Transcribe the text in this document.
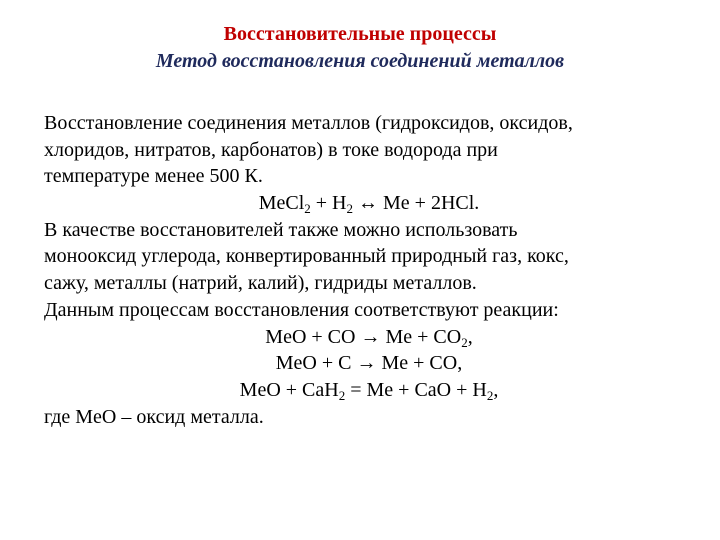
Восстановительные процессы
Метод восстановления соединений металлов
Восстановление соединения металлов (гидроксидов, оксидов,
хлоридов, нитратов, карбонатов) в токе водорода при
температуре менее 500 К.
MeCl$_2$ + $H_2$ ↔ Me + 2HCl.
В качестве восстановителей также можно использовать
монооксид углерода, конвертированный природный газ, кокс,
сажу, металлы (натрий, калий), гидриды металлов.
Данным процессам восстановления соответствуют реакции:
MeO + CO → $Me + CO_2$,
MeO + C → Me + CO,
MeO + CaH$_2$ = Me + CaO + $H_2$,
где MeO – оксид металла.
